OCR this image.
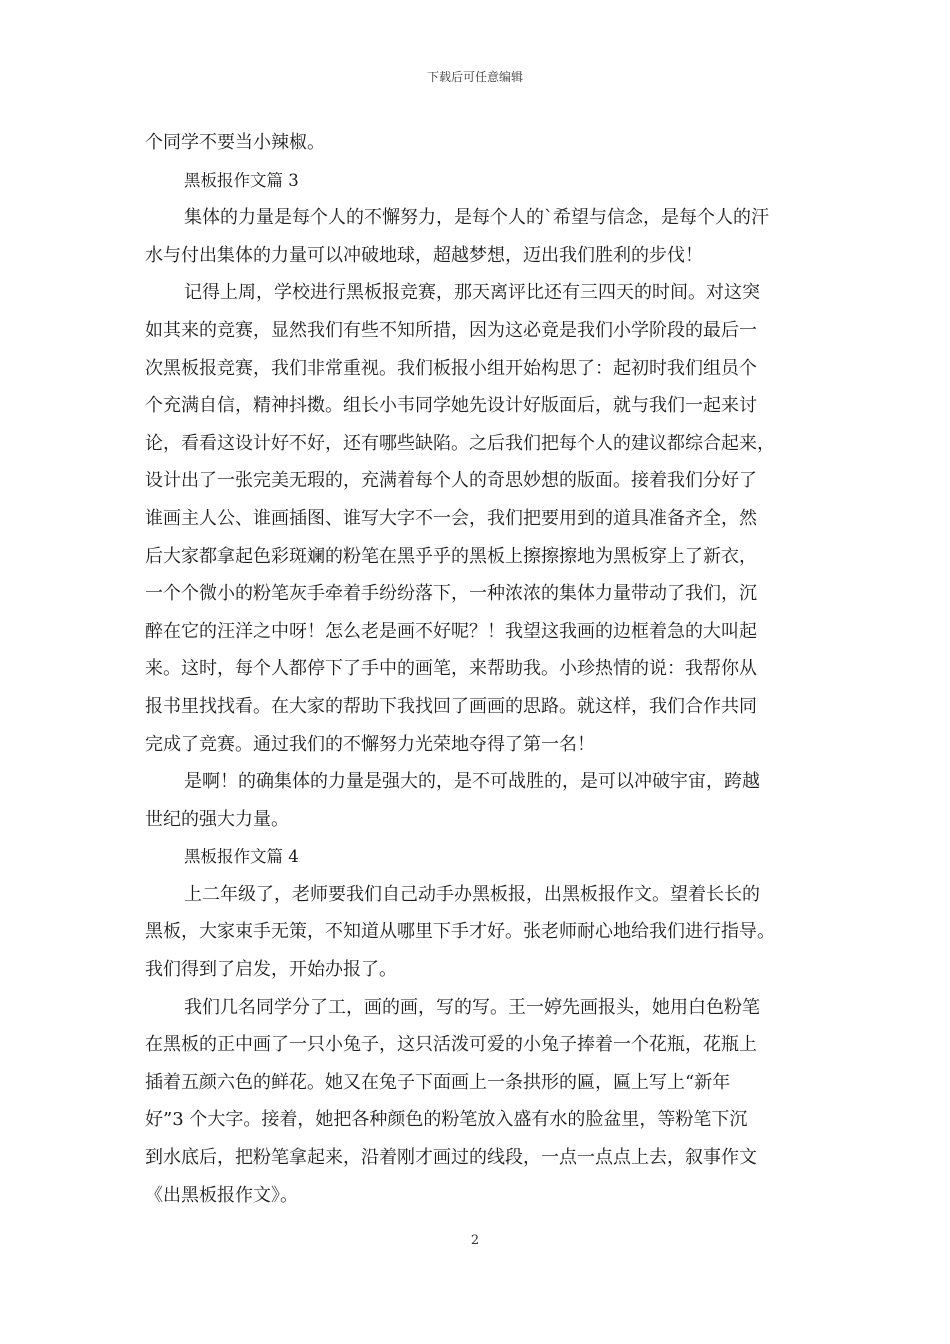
下载后可任意编辑
个同学不要当小辣椒。
黑板报作文篇 3
集体的力量是每个人的不懈努力，是每个人的`希望与信念，是每个人的汗
水与付出集体的力量可以冲破地球，超越梦想，迈出我们胜利的步伐！
记得上周，学校进行黑板报竞赛，那天离评比还有三四天的时间。对这突
如其来的竞赛，显然我们有些不知所措，因为这必竟是我们小学阶段的最后一
次黑板报竞赛，我们非常重视。我们板报小组开始构思了：起初时我们组员个
个充满自信，精神抖擞。组长小韦同学她先设计好版面后，就与我们一起来讨
论，看看这设计好不好，还有哪些缺陷。之后我们把每个人的建议都综合起来，
设计出了一张完美无瑕的，充满着每个人的奇思妙想的版面。接着我们分好了
谁画主人公、谁画插图、谁写大字不一会，我们把要用到的道具准备齐全，然
后大家都拿起色彩斑斓的粉笔在黑乎乎的黑板上擦擦擦地为黑板穿上了新衣，
一个个微小的粉笔灰手牵着手纷纷落下，一种浓浓的集体力量带动了我们，沉
醉在它的汪洋之中呀！怎么老是画不好呢？！我望这我画的边框着急的大叫起
来。这时，每个人都停下了手中的画笔，来帮助我。小珍热情的说：我帮你从
报书里找找看。在大家的帮助下我找回了画画的思路。就这样，我们合作共同
完成了竞赛。通过我们的不懈努力光荣地夺得了第一名！
是啊！的确集体的力量是强大的，是不可战胜的，是可以冲破宇宙，跨越
世纪的强大力量。
黑板报作文篇 4
上二年级了，老师要我们自己动手办黑板报，出黑板报作文。望着长长的
黑板，大家束手无策，不知道从哪里下手才好。张老师耐心地给我们进行指导。
我们得到了启发，开始办报了。
我们几名同学分了工，画的画，写的写。王一婷先画报头，她用白色粉笔
在黑板的正中画了一只小兔子，这只活泼可爱的小兔子捧着一个花瓶，花瓶上
插着五颜六色的鲜花。她又在兔子下面画上一条拱形的匾，匾上写上“新年
好”3 个大字。接着，她把各种颜色的粉笔放入盛有水的脸盆里，等粉笔下沉
到水底后，把粉笔拿起来，沿着刚才画过的线段，一点一点点上去，叙事作文
《出黑板报作文》。
2
